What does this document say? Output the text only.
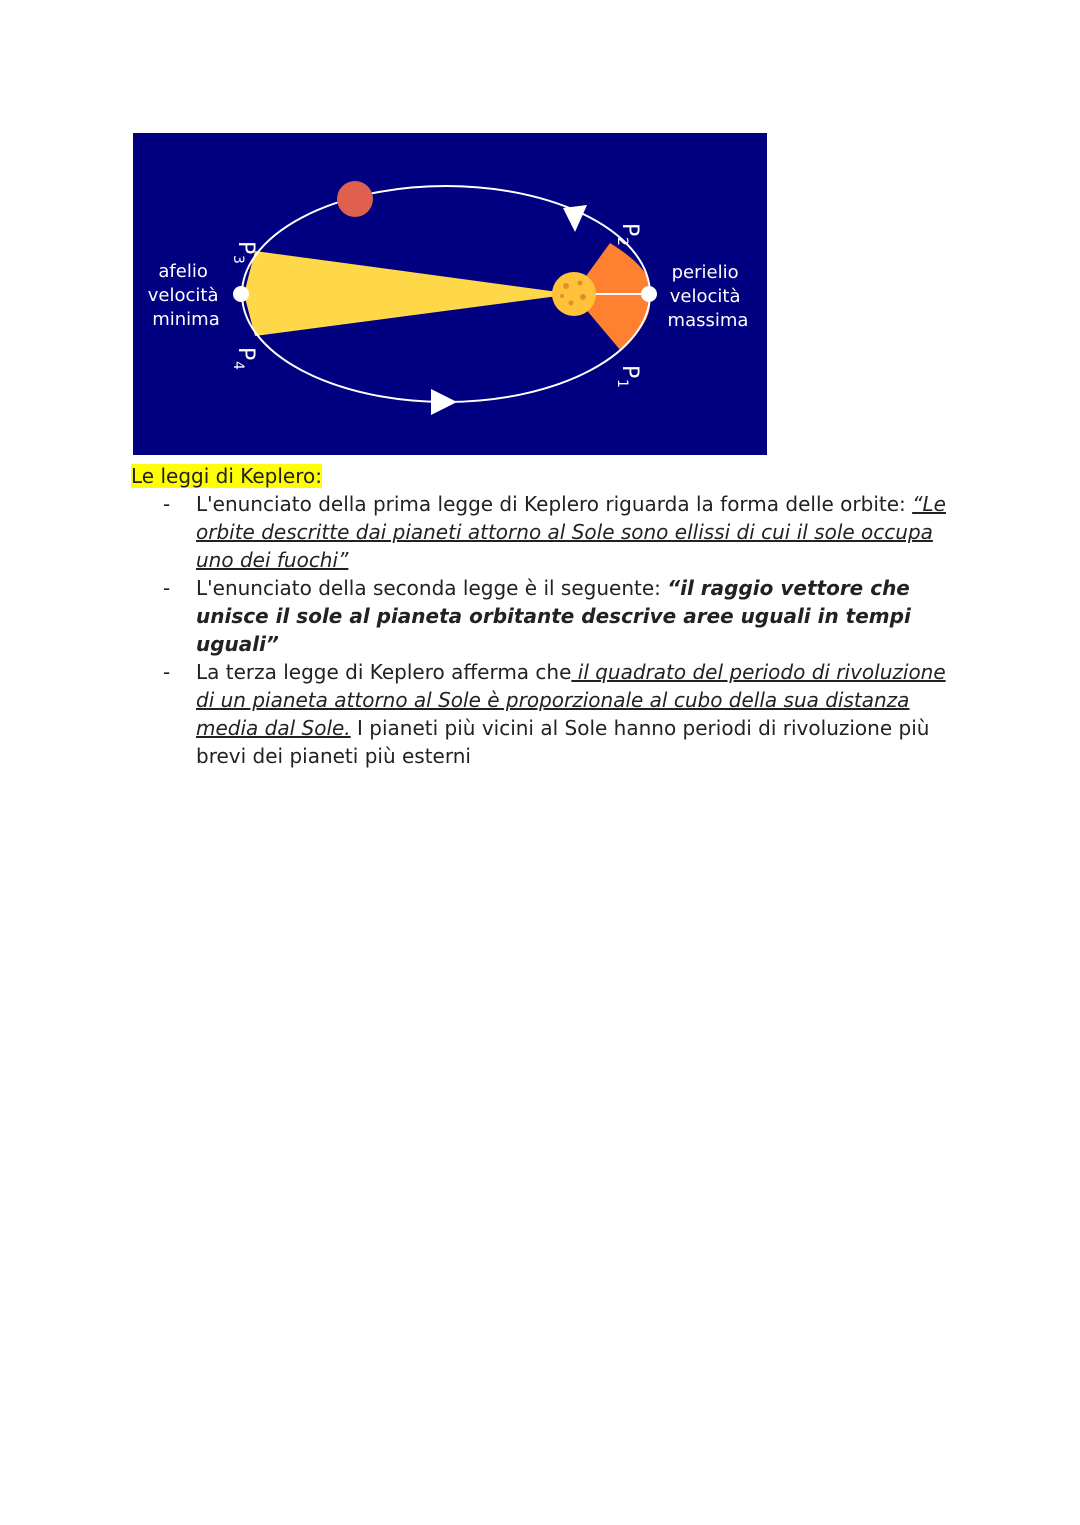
afelio velocità minima
perielio velocità massima
P
3
P
4
P
2
P
1
Le leggi di Keplero:
- L'enunciato della prima legge di Keplero riguarda la forma delle orbite: “Le orbite descritte dai pianeti attorno al Sole sono ellissi di cui il sole occupa uno dei fuochi”
- L'enunciato della seconda legge è il seguente: “il raggio vettore che unisce il sole al pianeta orbitante descrive aree uguali in tempi uguali”
- La terza legge di Keplero afferma che il quadrato del periodo di rivoluzione di un pianeta attorno al Sole è proporzionale al cubo della sua distanza media dal Sole. I pianeti più vicini al Sole hanno periodi di rivoluzione più brevi dei pianeti più esterni
